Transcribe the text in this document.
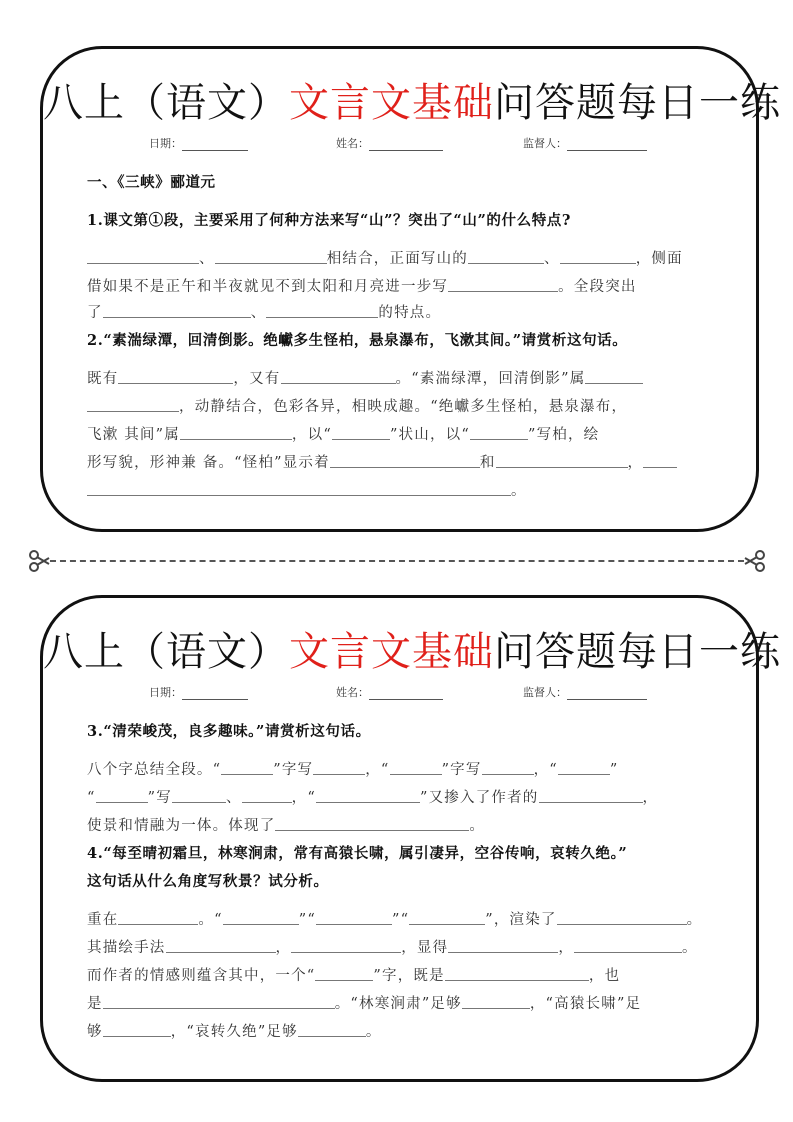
八上（语文）文言文基础问答题每日一练
日期：	姓名：	监督人：
一、《三峡》郦道元
1.课文第①段，主要采用了何种方法来写“山”？突出了“山”的什么特点?
、	相结合，正面写山的	、	，侧面
借如果不是正午和半夜就见不到太阳和月亮进一步写	。全段突出
了	、	的特点。
2.“素湍绿潭，回清倒影。绝巘多生怪柏，悬泉瀑布，飞漱其间。”请赏析这句话。
既有	，又有	。“素湍绿潭，回清倒影”属
，动静结合，色彩各异，相映成趣。“绝巘多生怪柏，悬泉瀑布，
飞漱 其间”属	，以“	”状山，以“	”写柏，绘
形写貌，形神兼 备。“怪柏”显示着	和	，
。
八上（语文）文言文基础问答题每日一练
日期：	姓名：	监督人：
3.“清荣峻茂，良多趣味。”请赏析这句话。
八个字总结全段。“	”字写	，“	”字写	，“	”
“	”写	、	，“	”又掺入了作者的	，
使景和情融为一体。体现了	。
4.“每至晴初霜旦，林寒涧肃，常有高猿长啸，属引凄异，空谷传响，哀转久绝。”
这句话从什么角度写秋景？试分析。
重在	。“	”“	”“	”，渲染了	。
其描绘手法	，	，显得	，	。
而作者的情感则蕴含其中，一个“	”字，既是	，也
是	。“林寒涧肃”足够	，“高猿长啸”足
够	，“哀转久绝”足够	。
